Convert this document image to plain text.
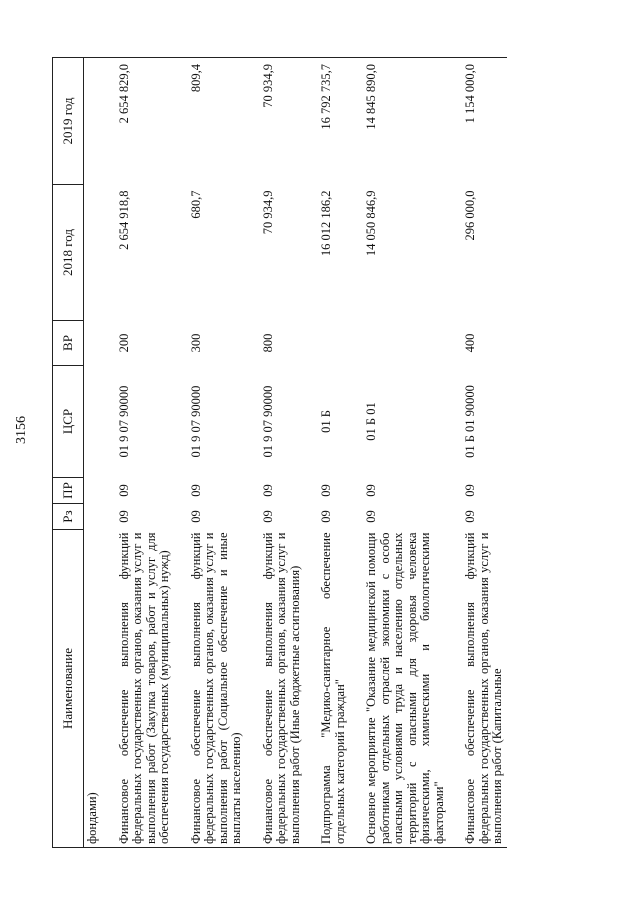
3156
Наименование	Рз	ПР	ЦСР	ВР	2018 год	2019 год
фондами)						

Финансовое обеспечение выполнения функций федеральных государственных органов, оказания услуг и выполнения работ (Закупка товаров, работ и услуг для обеспечения государственных (муниципальных) нужд)	09	09	01 9 07 90000	200	2 654 918,8	2 654 829,0

Финансовое обеспечение выполнения функций федеральных государственных органов, оказания услуг и выполнения работ (Социальное обеспечение и иные выплаты населению)	09	09	01 9 07 90000	300	680,7	809,4

Финансовое обеспечение выполнения функций федеральных государственных органов, оказания услуг и выполнения работ (Иные бюджетные ассигнования)	09	09	01 9 07 90000	800	70 934,9	70 934,9

Подпрограмма "Медико-санитарное обеспечение отдельных категорий граждан"	09	09	01 Б		16 012 186,2	16 792 735,7

Основное мероприятие "Оказание медицинской помощи работникам отдельных отраслей экономики с особо опасными условиями труда и населению отдельных территорий с опасными для здоровья человека физическими, химическими и биологическими факторами"	09	09	01 Б 01		14 050 846,9	14 845 890,0

Финансовое обеспечение выполнения функций федеральных государственных органов, оказания услуг и выполнения работ (Капитальные	09	09	01 Б 01 90000	400	296 000,0	1 154 000,0
